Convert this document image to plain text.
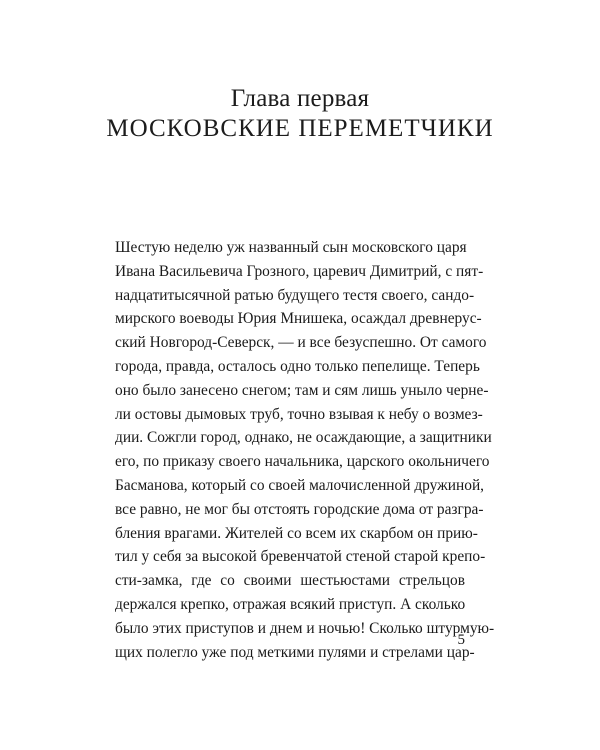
Глава первая
МОСКОВСКИЕ ПЕРЕМЕТЧИКИ
Шестую неделю уж названный сын московского царя
Ивана Васильевича Грозного, царевич Димитрий, с пят-
надцатитысячной ратью будущего тестя своего, сандо-
мирского воеводы Юрия Мнишека, осаждал древнерус-
ский Новгород-Северск, — и все безуспешно. От самого
города, правда, осталось одно только пепелище. Теперь
оно было занесено снегом; там и сям лишь уныло черне-
ли остовы дымовых труб, точно взывая к небу о возмез-
дии. Сожгли город, однако, не осаждающие, а защитники
его, по приказу своего начальника, царского окольничего
Басманова, который со своей малочисленной дружиной,
все равно, не мог бы отстоять городские дома от разгра-
бления врагами. Жителей со всем их скарбом он прию-
тил у себя за высокой бревенчатой стеной старой крепо-
сти-замка, где со своими шестьюстами стрельцов
держался крепко, отражая всякий приступ. А сколько
было этих приступов и днем и ночью! Сколько штурмую-
щих полегло уже под меткими пулями и стрелами цар-
5
